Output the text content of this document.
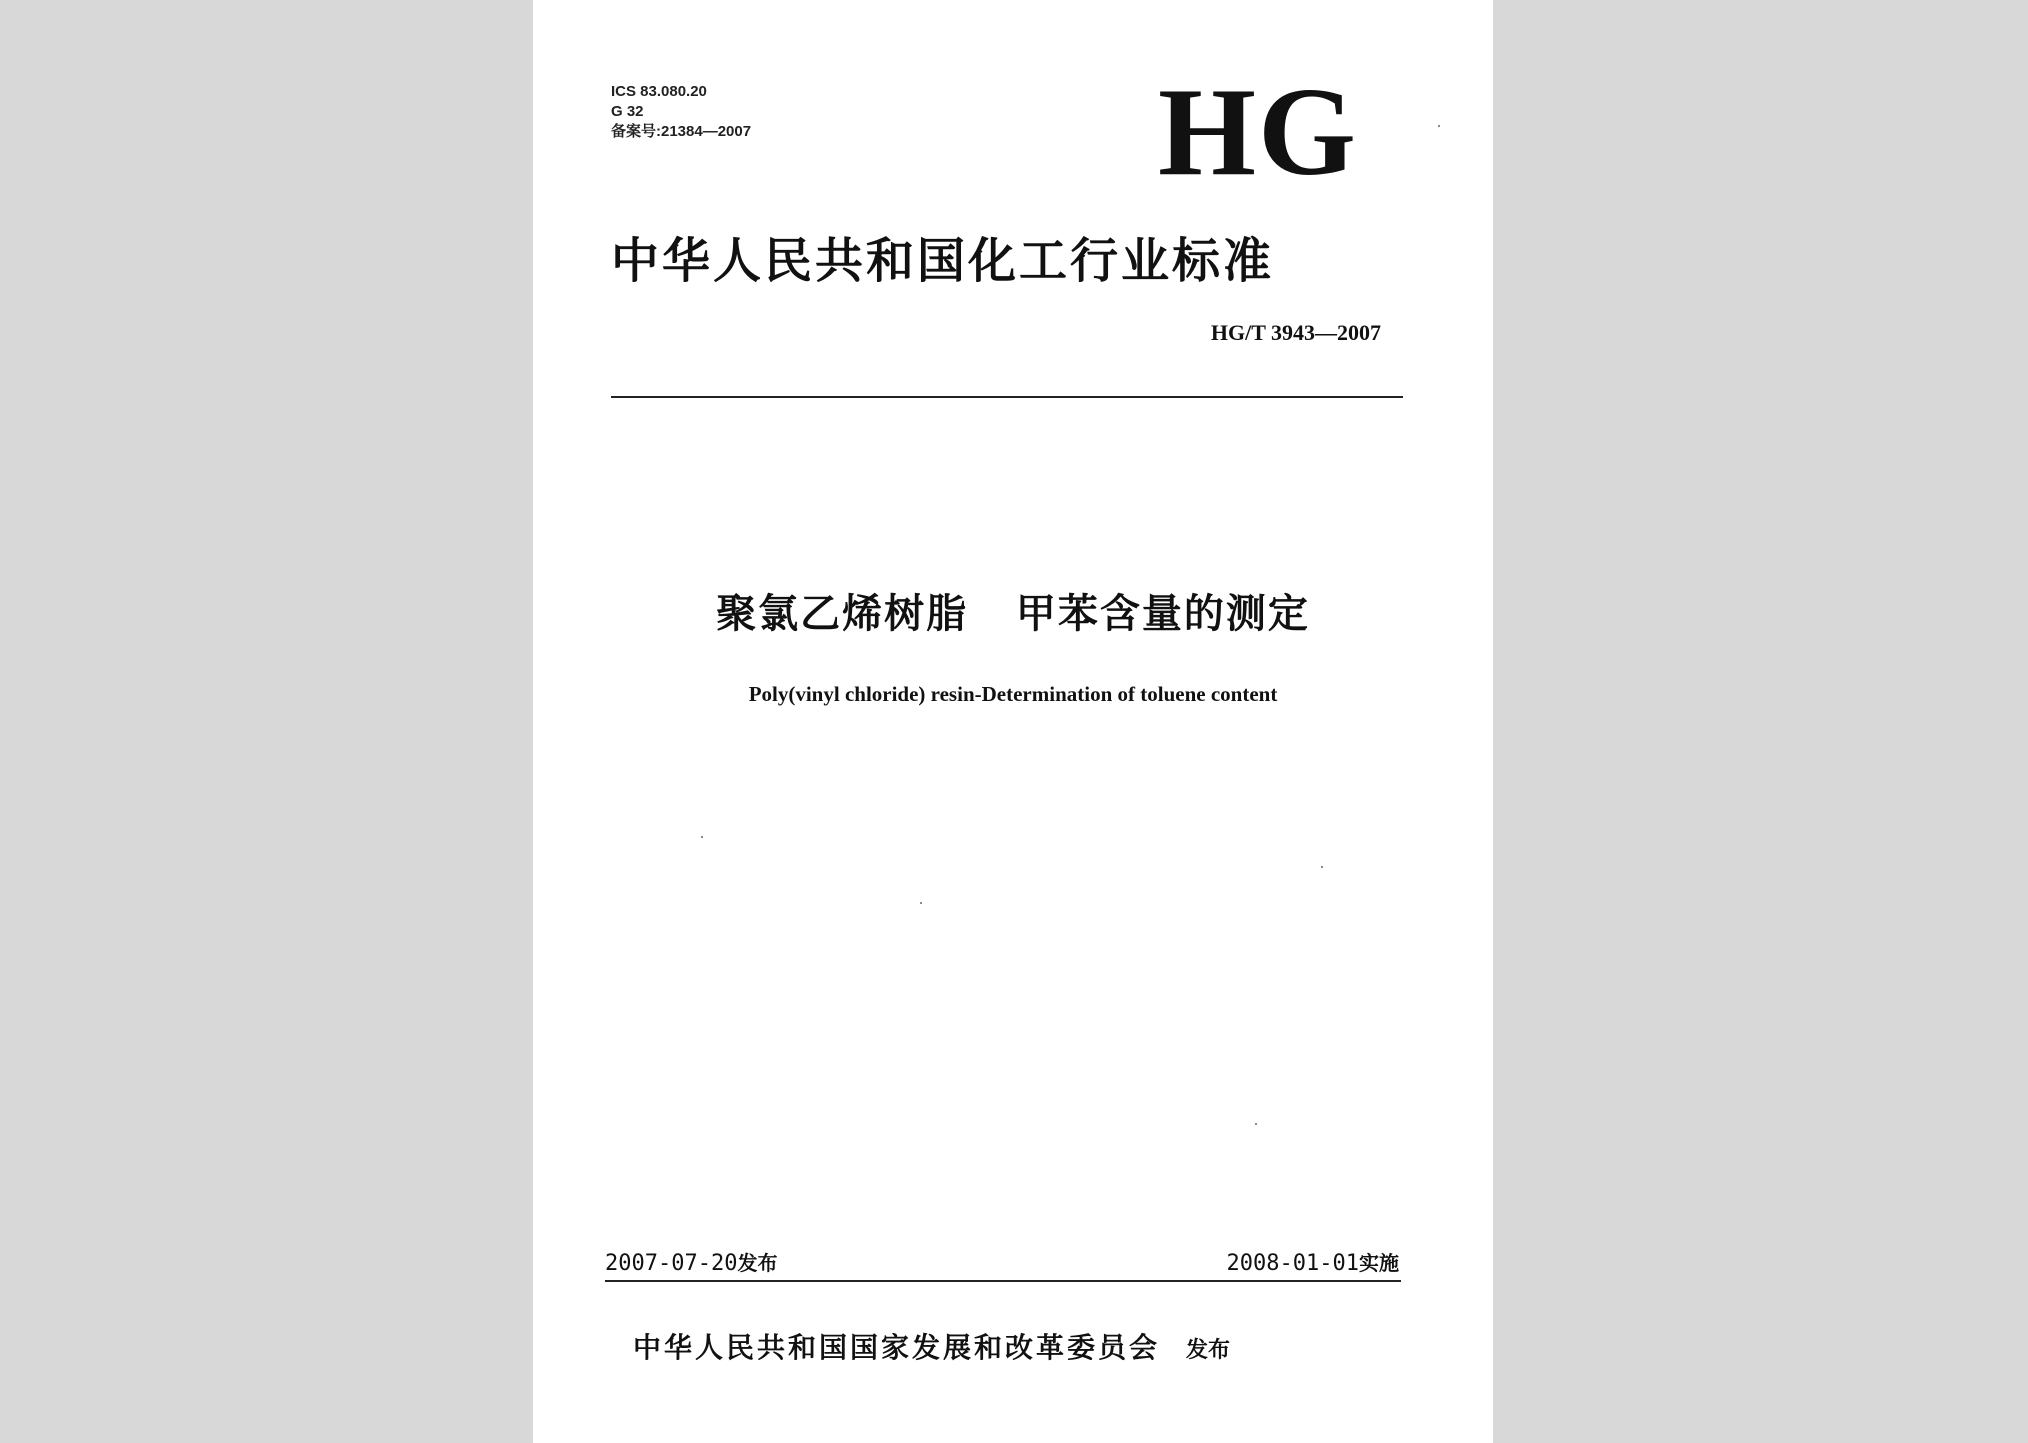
ICS 83.080.20
G 32
备案号:21384—2007	HG
中华人民共和国化工行业标准
HG/T 3943—2007
聚氯乙烯树脂   甲苯含量的测定
Poly(vinyl chloride) resin-Determination of toluene content
2007-07-20发布	2008-01-01实施
中华人民共和国国家发展和改革委员会 发布
